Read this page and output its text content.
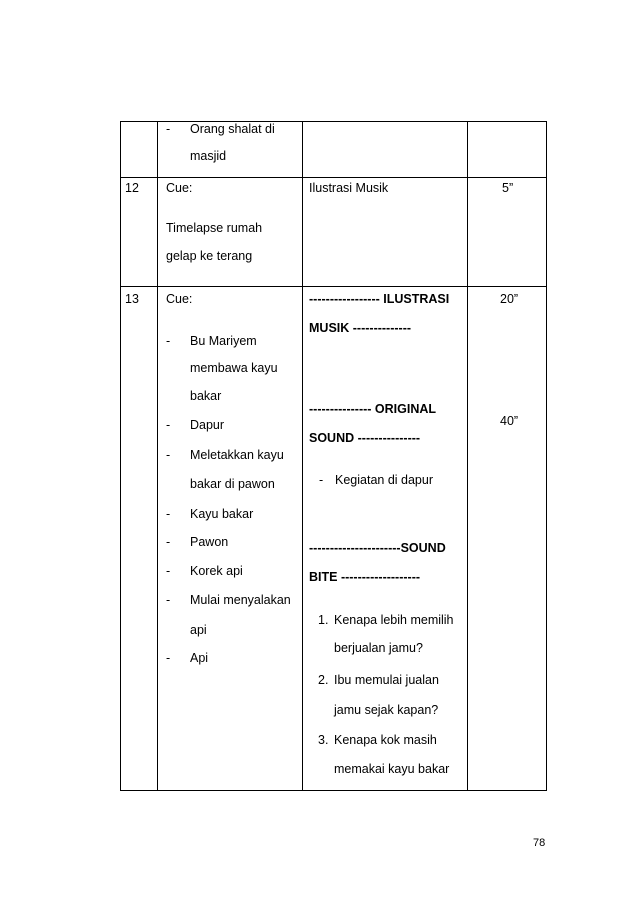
- Orang shalat di
masjid
12 Cue:
Timelapse rumah
gelap ke terang
Ilustrasi Musik	5”
13 Cue:
- Bu Mariyem
membawa kayu
bakar
- Dapur
- Meletakkan kayu
bakar di pawon
- Kayu bakar
- Pawon
- Korek api
- Mulai menyalakan
api
- Api
----------------- ILUSTRASI
MUSIK --------------
--------------- ORIGINAL
SOUND ---------------
- Kegiatan di dapur
----------------------SOUND
BITE -------------------
1. Kenapa lebih memilih
berjualan jamu?
2. Ibu memulai jualan
jamu sejak kapan?
3. Kenapa kok masih
memakai kayu bakar
20”
40”
78
